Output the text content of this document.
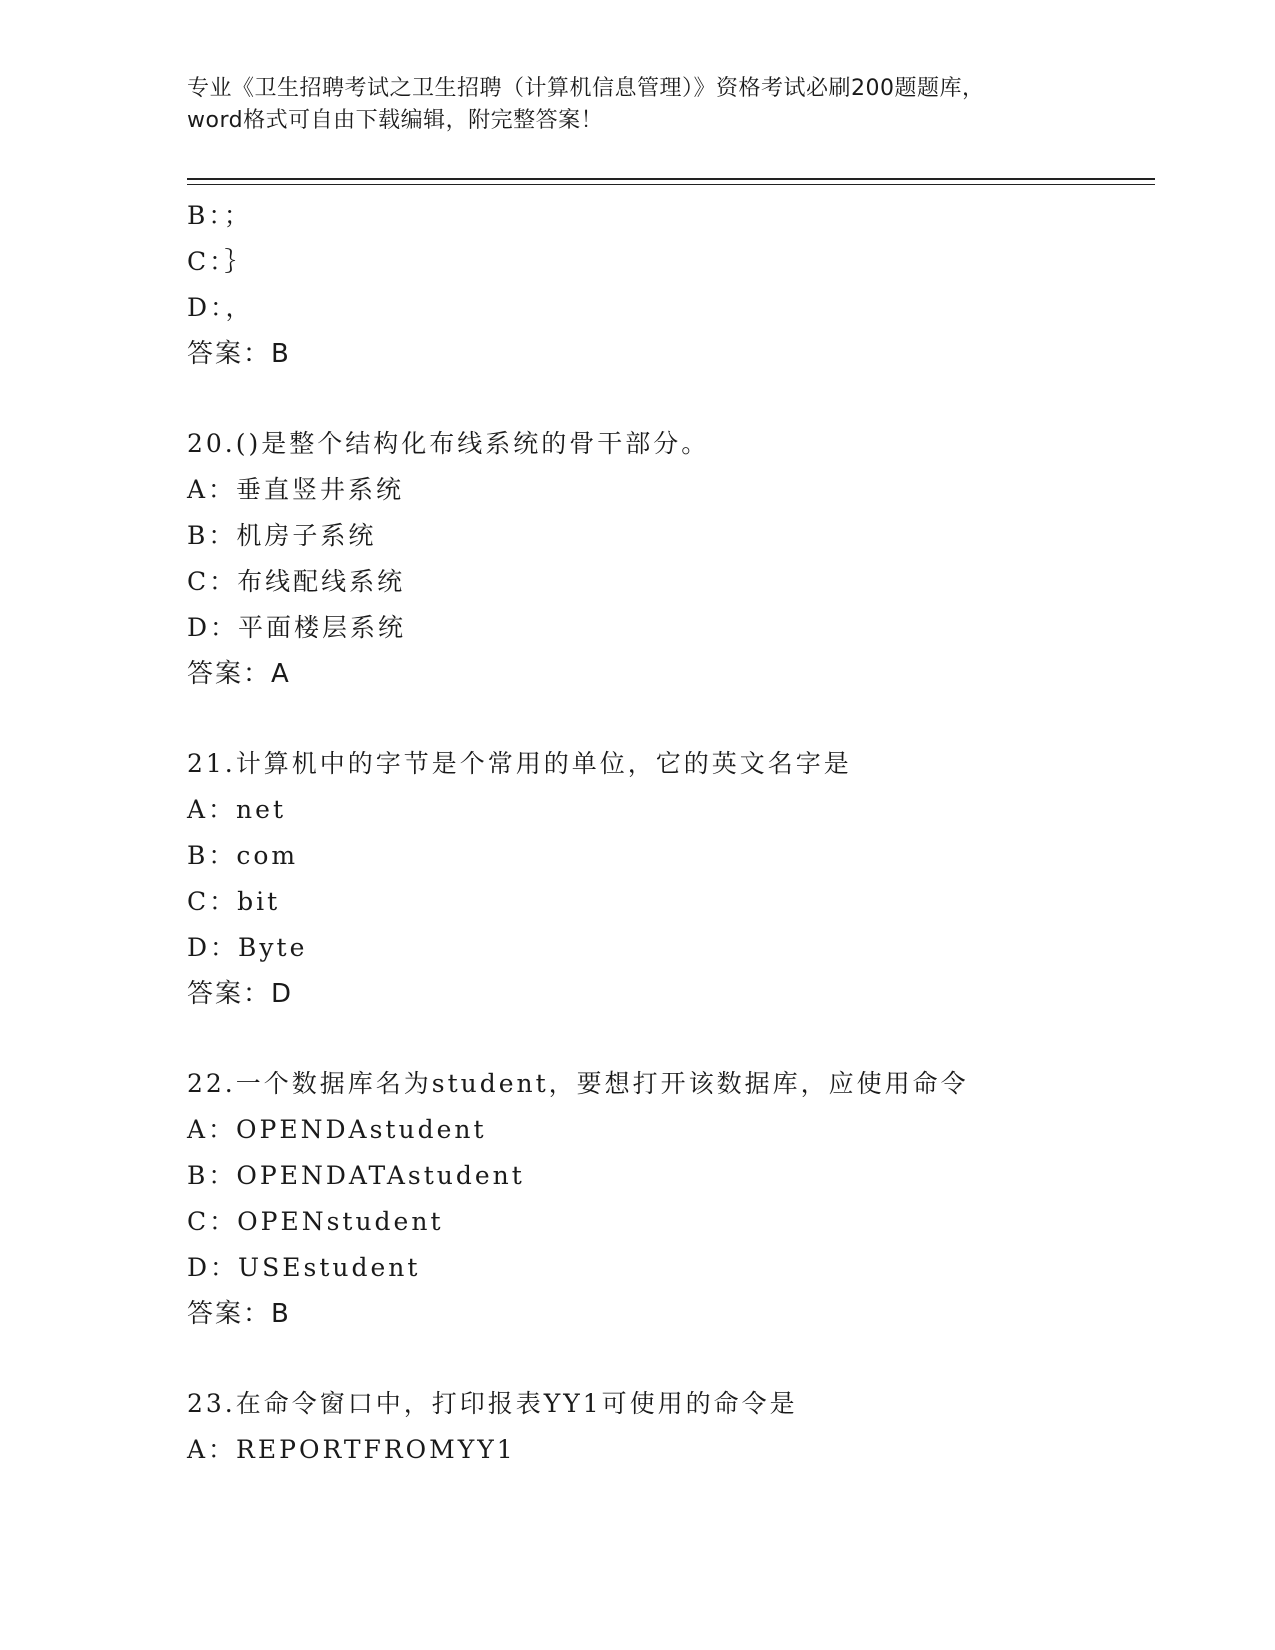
专业《卫生招聘考试之卫生招聘（计算机信息管理）》资格考试必刷200题题库，
word格式可自由下载编辑，附完整答案！
B：；
C：｝
D：，
答案：B
20.()是整个结构化布线系统的骨干部分。
A：垂直竖井系统
B：机房子系统
C：布线配线系统
D：平面楼层系统
答案：A
21.计算机中的字节是个常用的单位，它的英文名字是
A：net
B：com
C：bit
D：Byte
答案：D
22.一个数据库名为student，要想打开该数据库，应使用命令
A：OPENDAstudent
B：OPENDATAstudent
C：OPENstudent
D：USEstudent
答案：B
23.在命令窗口中，打印报表YY1可使用的命令是
A：REPORTFROMYY1
